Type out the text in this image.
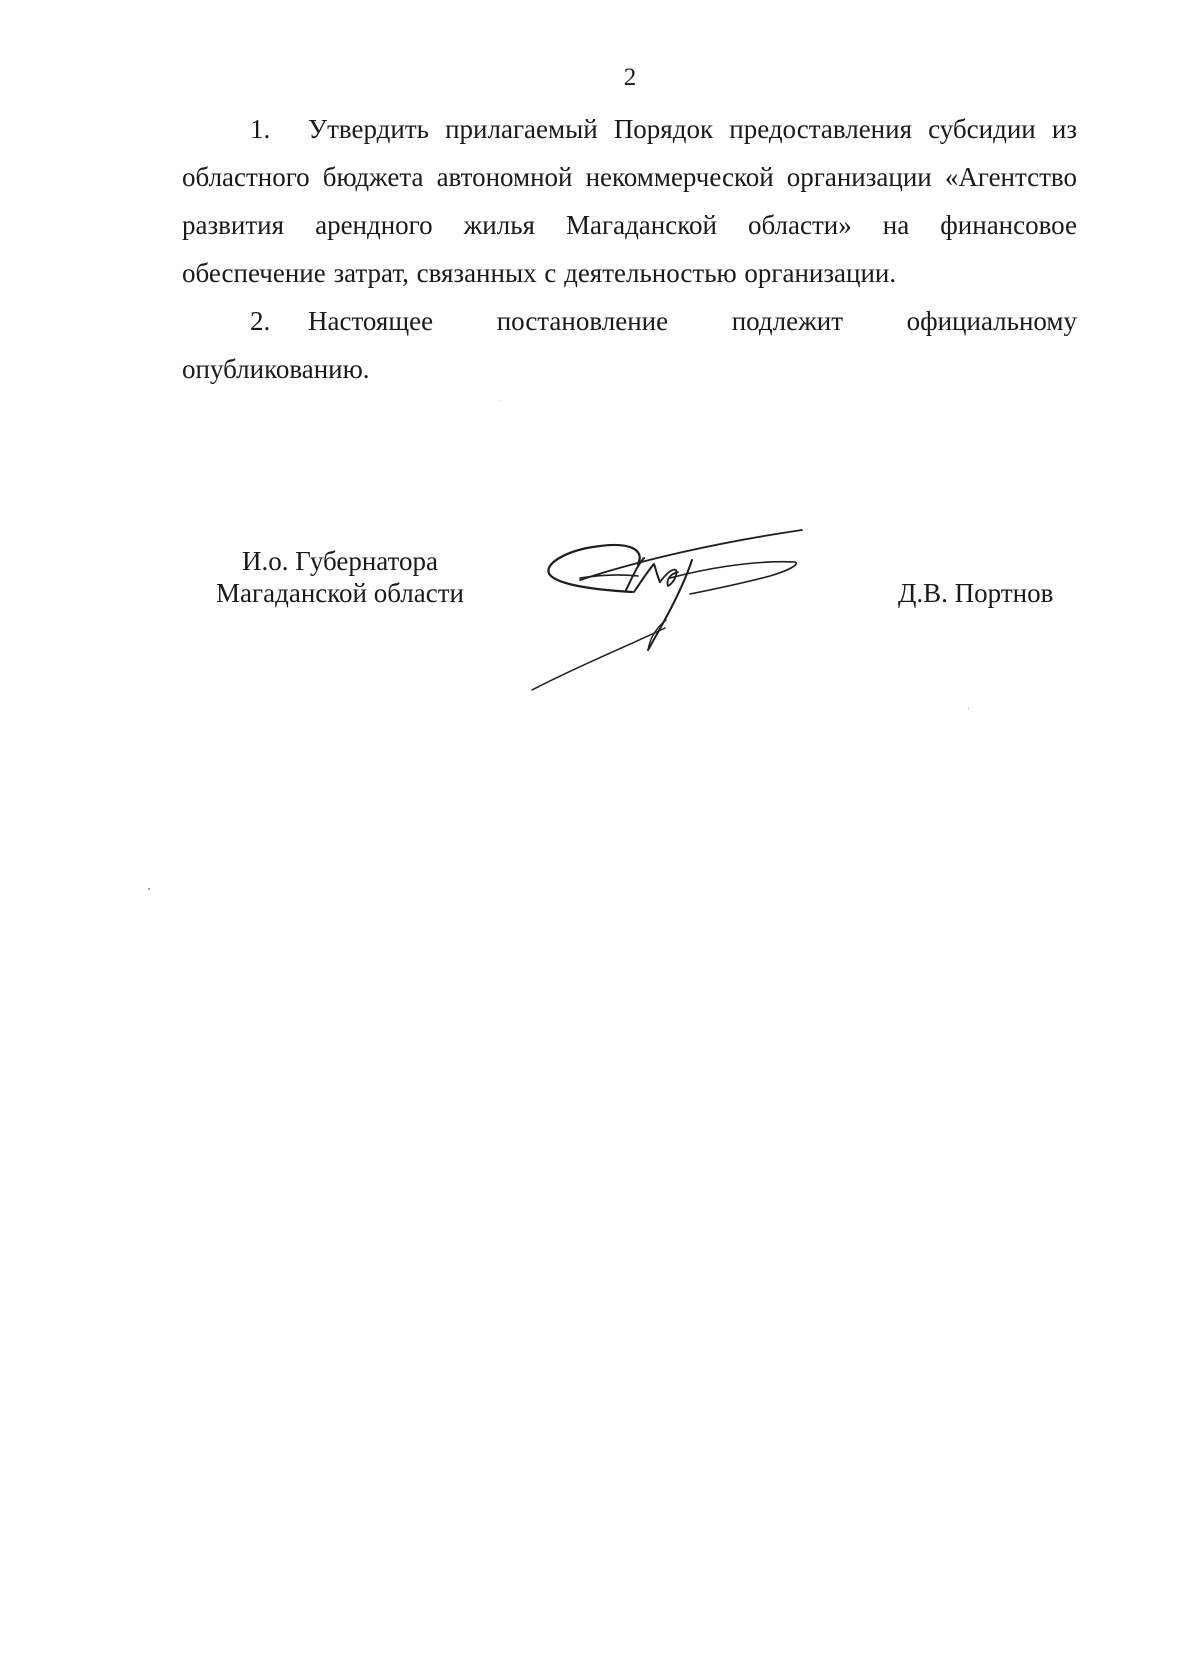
2

1. Утвердить прилагаемый Порядок предоставления субсидии из областного бюджета автономной некоммерческой организации «Агентство развития арендного жилья Магаданской области» на финансовое обеспечение затрат, связанных с деятельностью организации.

2. Настоящее постановление подлежит официальному опубликованию.

И.о. Губернатора
Магаданской области	Д.В. Портнов
